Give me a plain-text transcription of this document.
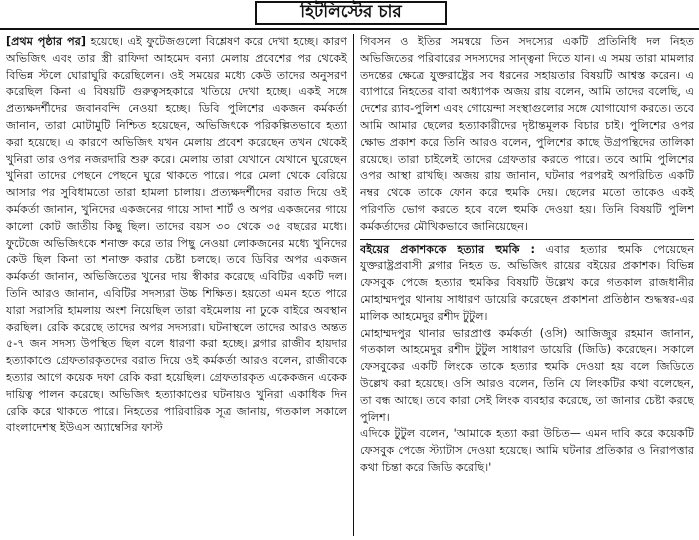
হিটলিস্টের চার

[প্রথম পৃষ্ঠার পর] হয়েছে। এই ফুটেজগুলো বিশ্লেষণ করে দেখা হচ্ছে। কারণ অভিজিৎ এবং তার স্ত্রী রাফিদা আহমেদ বন্যা মেলায় প্রবেশের পর থেকেই বিভিন্ন স্টলে ঘোরাঘুরি করেছিলেন। ওই সময়ের মধ্যে কেউ তাদের অনুসরণ করেছিল কিনা এ বিষয়টি গুরুত্বসহকারে খতিয়ে দেখা হচ্ছে। একই সঙ্গে প্রত্যক্ষদর্শীদের জবানবন্দি নেওয়া হচ্ছে। ডিবি পুলিশের একজন কর্মকর্তা জানান, তারা মোটামুটি নিশ্চিত হয়েছেন, অভিজিৎকে পরিকল্পিতভাবে হত্যা করা হয়েছে। এ কারণে অভিজিৎ যখন মেলায় প্রবেশ করেছেন তখন থেকেই খুনিরা তার ওপর নজরদারি শুরু করে। মেলায় তারা যেখানে যেখানে ঘুরেছেন খুনিরা তাদের পেছনে পেছনে ঘুরে থাকতে পারে। পরে মেলা থেকে বেরিয়ে আসার পর সুবিধামতো তারা হামলা চালায়। প্রত্যক্ষদর্শীদের বরাত দিয়ে ওই কর্মকর্তা জানান, খুনিদের একজনের গায়ে সাদা শার্ট ও অপর একজনের গায়ে কালো কোট জাতীয় কিছু ছিল। তাদের বয়স ৩০ থেকে ৩৫ বছরের মধ্যে। ফুটেজে অভিজিৎকে শনাক্ত করে তার পিছু নেওয়া লোকজনের মধ্যে খুনিদের কেউ ছিল কিনা তা শনাক্ত করার চেষ্টা চলছে। তবে ডিবির অপর একজন কর্মকর্তা জানান, অভিজিতের খুনের দায় স্বীকার করেছে এবিটির একটি দল। তিনি আরও জানান, এবিটির সদস্যরা উচ্চ শিক্ষিত। হয়তো এমন হতে পারে যারা সরাসরি হামলায় অংশ নিয়েছিল তারা বইমেলায় না ঢুকে বাইরে অবস্থান করছিল। রেকি করেছে তাদের অপর সদস্যরা। ঘটনাস্থলে তাদের আরও অন্তত ৫-৭ জন সদস্য উপস্থিত ছিল বলে ধারণা করা হচ্ছে। ব্লগার রাজীব হায়দার হত্যাকাণ্ডে গ্রেফতারকৃতদের বরাত দিয়ে ওই কর্মকর্তা আরও বলেন, রাজীবকে হত্যার আগে কয়েক দফা রেকি করা হয়েছিল। গ্রেফতারকৃত একেকজন একেক দায়িত্ব পালন করেছে। অভিজিৎ হত্যাকাণ্ডের ঘটনায়ও খুনিরা একাধিক দিন রেকি করে থাকতে পারে। নিহতের পারিবারিক সূত্র জানায়, গতকাল সকালে বাংলাদেশস্থ ইউএস অ্যাম্বেসির ফাস্ট

গিবসন ও ইতির সমন্বয়ে তিন সদস্যের একটি প্রতিনিধি দল নিহত অভিজিতের পরিবারের সদস্যদের সান্ত্বনা দিতে যান। এ সময় তারা মামলার তদন্তের ক্ষেত্রে যুক্তরাষ্ট্রের সব ধরনের সহায়তার বিষয়টি আশ্বস্ত করেন। এ ব্যাপারে নিহতের বাবা অধ্যাপক অজয় রায় বলেন, আমি তাদের বলেছি, এ দেশের র‍্যাব-পুলিশ এবং গোয়েন্দা সংস্থাগুলোর সঙ্গে যোগাযোগ করতে। তবে আমি আমার ছেলের হত্যাকারীদের দৃষ্টান্তমূলক বিচার চাই। পুলিশের ওপর ক্ষোভ প্রকাশ করে তিনি আরও বলেন, পুলিশের কাছে উগ্রপন্থিদের তালিকা রয়েছে। তারা চাইলেই তাদের গ্রেফতার করতে পারে। তবে আমি পুলিশের ওপর আস্থা রাখছি। অজয় রায় জানান, ঘটনার পরপরই অপরিচিত একটি নম্বর থেকে তাকে ফোন করে হুমকি দেয়। ছেলের মতো তাকেও একই পরিণতি ভোগ করতে হবে বলে হুমকি দেওয়া হয়। তিনি বিষয়টি পুলিশ কর্মকর্তাদের মৌখিকভাবে জানিয়েছেন।

বইয়ের প্রকাশককে হত্যার হুমকি : এবার হত্যার হুমকি পেয়েছেন যুক্তরাষ্ট্রপ্রবাসী ব্লগার নিহত ড. অভিজিৎ রায়ের বইয়ের প্রকাশক। বিভিন্ন ফেসবুক পেজে হত্যার হুমকির বিষয়টি উল্লেখ করে গতকাল রাজধানীর মোহাম্মদপুর থানায় সাধারণ ডায়েরি করেছেন প্রকাশনা প্রতিষ্ঠান শুদ্ধস্বর-এর মালিক আহমেদুর রশীদ টুটুল।

মোহাম্মদপুর থানার ভারপ্রাপ্ত কর্মকর্তা (ওসি) আজিজুর রহমান জানান, গতকাল আহমেদুর রশীদ টুটুল সাধারণ ডায়েরি (জিডি) করেছেন। সকালে ফেসবুকের একটি লিংকে তাকে হত্যার হুমকি দেওয়া হয় বলে জিডিতে উল্লেখ করা হয়েছে। ওসি আরও বলেন, তিনি যে লিংকটির কথা বলেছেন, তা বন্ধ আছে। তবে কারা সেই লিংক ব্যবহার করেছে, তা জানার চেষ্টা করছে পুলিশ।

এদিকে টুটুল বলেন, 'আমাকে হত্যা করা উচিত— এমন দাবি করে কয়েকটি ফেসবুক পেজে স্ট্যাটাস দেওয়া হয়েছে। আমি ঘটনার প্রতিকার ও নিরাপত্তার কথা চিন্তা করে জিডি করেছি।'
